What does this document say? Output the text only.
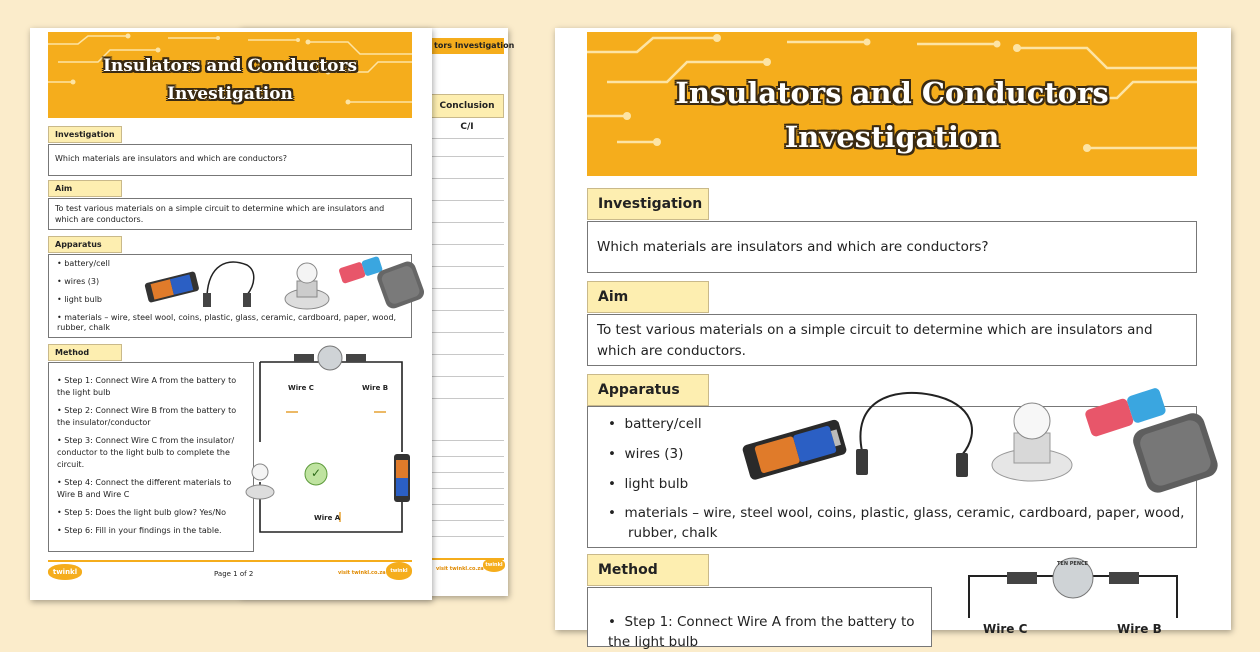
tors Investigation
Conclusion
C/I
visit twinkl.co.za
twinkl
Insulators and Conductors
Investigation
Investigation
Which materials are insulators and which are conductors?
Aim
To test various materials on a simple circuit to determine which are insulators and which are conductors.
Apparatus
• battery/cell
• wires (3)
• light bulb
• materials – wire, steel wool, coins, plastic, glass, ceramic, cardboard, paper, wood, rubber, chalk
Method
• Step 1: Connect Wire A from the battery to the light bulb
• Step 2: Connect Wire B from the battery to the insulator/conductor
• Step 3: Connect Wire C from the insulator/ conductor to the light bulb to complete the circuit.
• Step 4: Connect the different materials to Wire B and Wire C
• Step 5: Does the light bulb glow? Yes/No
• Step 6: Fill in your findings in the table.
Wire C	Wire B
Wire A
✓
twinkl	Page 1 of 2	visit twinkl.co.za twinkl
Insulators and Conductors
Investigation
Investigation
Which materials are insulators and which are conductors?
Aim
To test various materials on a simple circuit to determine which are insulators and which are conductors.
Apparatus
•  battery/cell
•  wires (3)
•  light bulb
•  materials – wire, steel wool, coins, plastic, glass, ceramic, cardboard, paper, wood, rubber, chalk
Method
•  Step 1: Connect Wire A from the battery to the light bulb
TEN PENCE
Wire C	Wire B
